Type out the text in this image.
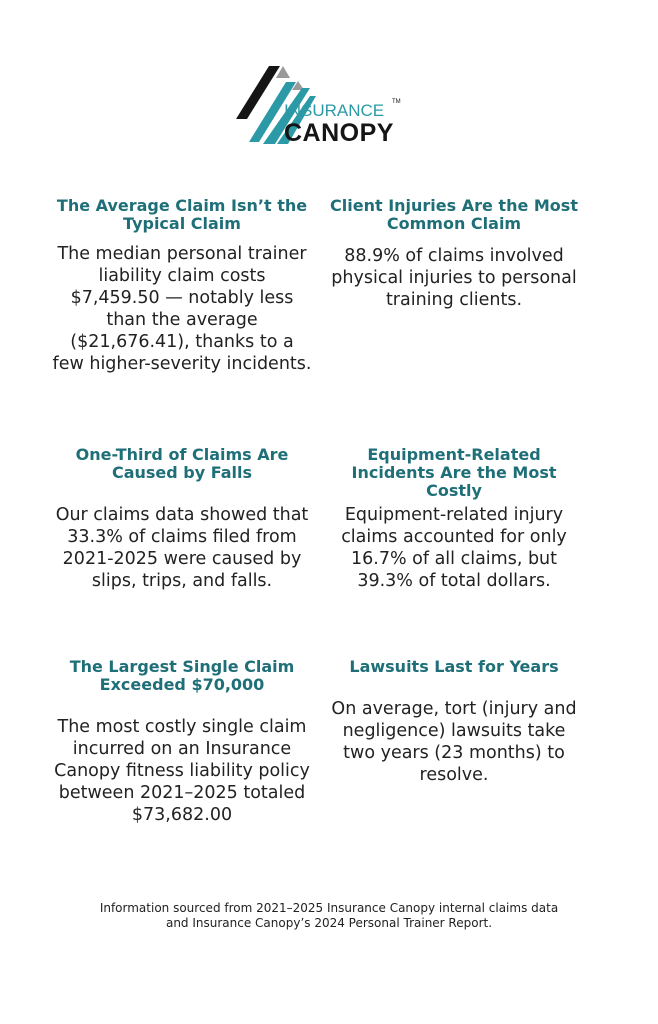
INSURANCE TM
CANOPY
The Average Claim Isn’t the Typical Claim

The median personal trainer liability claim costs $7,459.50 — notably less than the average ($21,676.41), thanks to a few higher-severity incidents.

Client Injuries Are the Most Common Claim

88.9% of claims involved physical injuries to personal training clients.

One-Third of Claims Are Caused by Falls

Our claims data showed that 33.3% of claims filed from 2021-2025 were caused by slips, trips, and falls.

Equipment-Related Incidents Are the Most Costly

Equipment-related injury claims accounted for only 16.7% of all claims, but 39.3% of total dollars.

The Largest Single Claim Exceeded $70,000

The most costly single claim incurred on an Insurance Canopy fitness liability policy between 2021–2025 totaled $73,682.00

Lawsuits Last for Years

On average, tort (injury and negligence) lawsuits take two years (23 months) to resolve.

Information sourced from 2021–2025 Insurance Canopy internal claims data and Insurance Canopy’s 2024 Personal Trainer Report.
